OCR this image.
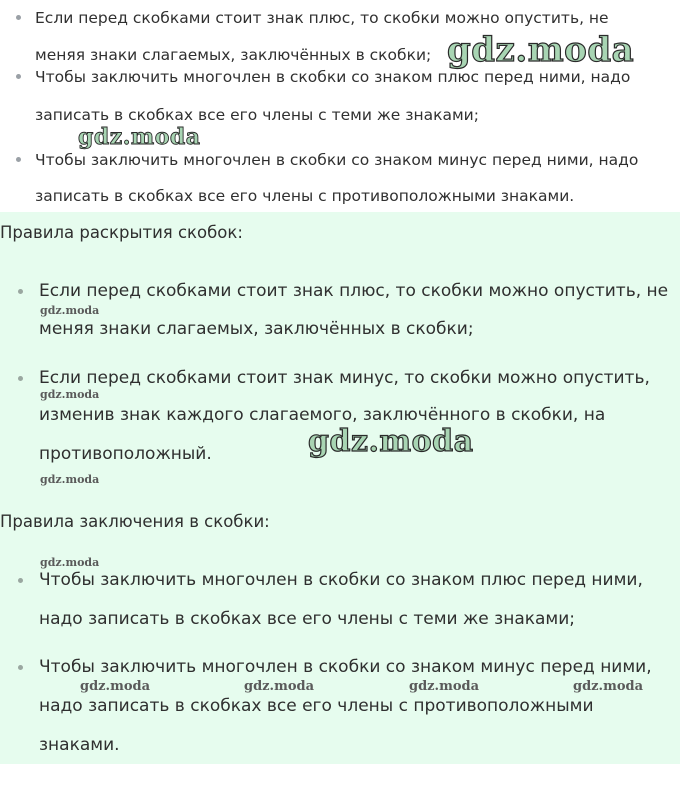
Если перед скобками стоит знак плюс, то скобки можно опустить, не
меняя знаки слагаемых, заключённых в скобки;
Чтобы заключить многочлен в скобки со знаком плюс перед ними, надо
записать в скобках все его члены с теми же знаками;
Чтобы заключить многочлен в скобки со знаком минус перед ними, надо
записать в скобках все его члены с противоположными знаками.
gdz.moda
gdz.moda
Правила раскрытия скобок:
Если перед скобками стоит знак плюс, то скобки можно опустить, не
gdz.moda
меняя знаки слагаемых, заключённых в скобки;
Если перед скобками стоит знак минус, то скобки можно опустить,
gdz.moda
изменив знак каждого слагаемого, заключённого в скобки, на
противоположный.
gdz.moda
gdz.moda
Правила заключения в скобки:
gdz.moda
Чтобы заключить многочлен в скобки со знаком плюс перед ними,
надо записать в скобках все его члены с теми же знаками;
Чтобы заключить многочлен в скобки со знаком минус перед ними,
gdz.moda	gdz.moda	gdz.moda	gdz.moda
надо записать в скобках все его члены с противоположными
знаками.
